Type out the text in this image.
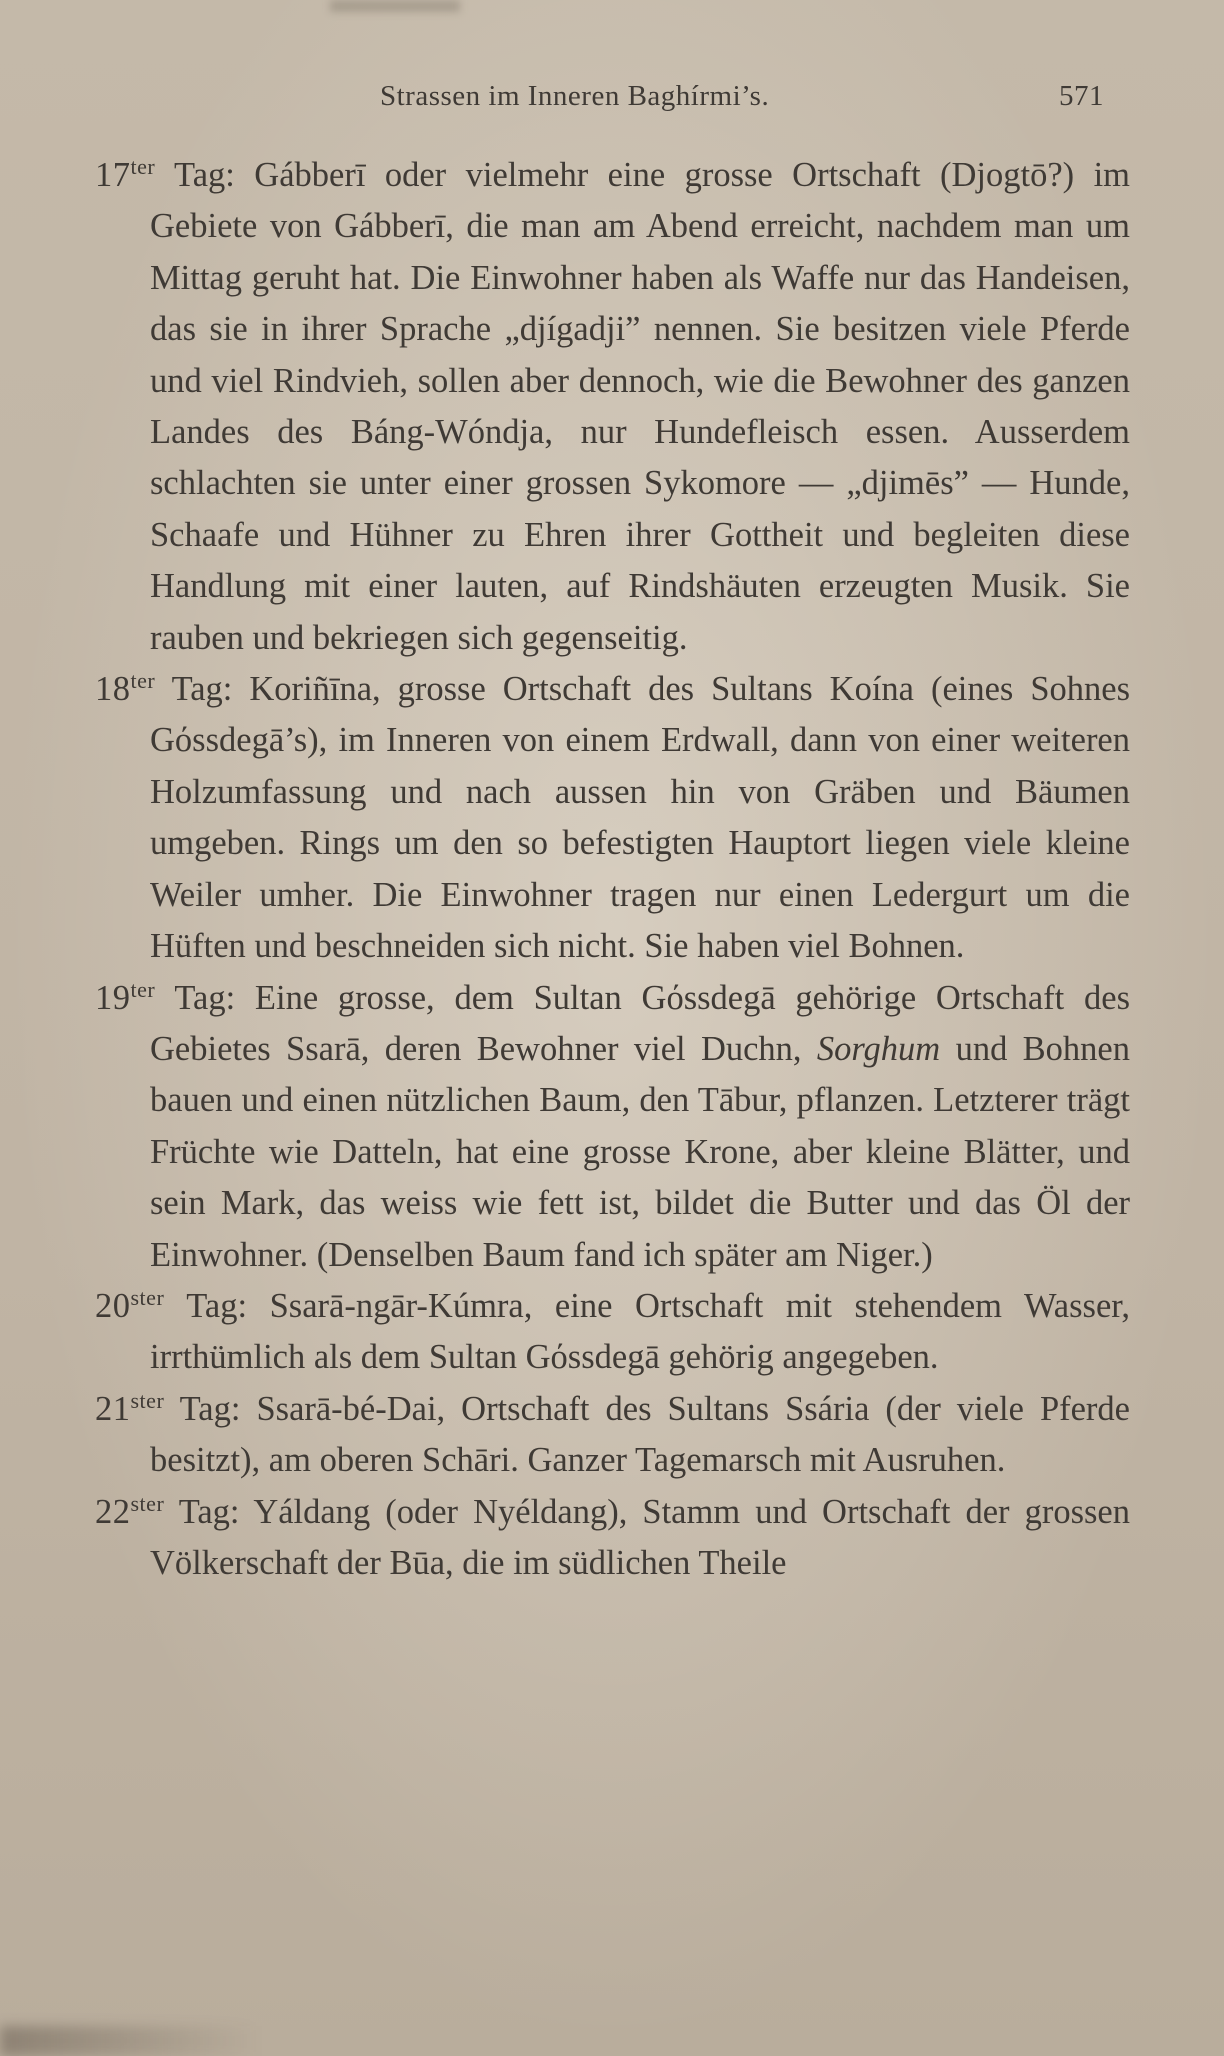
Strassen im Inneren Baghírmi’s.	571

$17^{ter}$ Tag: Gábberī oder vielmehr eine grosse Ortschaft (Djogtō?) im Gebiete von Gábberī, die man am Abend erreicht, nachdem man um Mittag geruht hat. Die Einwohner haben als Waffe nur das Handeisen, das sie in ihrer Sprache „djígadji” nennen. Sie besitzen viele Pferde und viel Rindvieh, sollen aber dennoch, wie die Bewohner des ganzen Landes des Báng-Wóndja, nur Hundefleisch essen. Ausserdem schlachten sie unter einer grossen Sykomore — „djimēs” — Hunde, Schaafe und Hühner zu Ehren ihrer Gottheit und begleiten diese Handlung mit einer lauten, auf Rindshäuten erzeugten Musik. Sie rauben und bekriegen sich gegenseitig.

$18^{ter}$ Tag: Koriñīna, grosse Ortschaft des Sultans Koína (eines Sohnes Gόssdegā’s), im Inneren von einem Erdwall, dann von einer weiteren Holzumfassung und nach aussen hin von Gräben und Bäumen umgeben. Rings um den so befestigten Hauptort liegen viele kleine Weiler umher. Die Einwohner tragen nur einen Ledergurt um die Hüften und beschneiden sich nicht. Sie haben viel Bohnen.

$19^{ter}$ Tag: Eine grosse, dem Sultan Gόssdegā gehörige Ortschaft des Gebietes Ssarā, deren Bewohner viel Duchn, Sorghum und Bohnen bauen und einen nützlichen Baum, den Tābur, pflanzen. Letzterer trägt Früchte wie Datteln, hat eine grosse Krone, aber kleine Blätter, und sein Mark, das weiss wie fett ist, bildet die Butter und das Öl der Einwohner. (Denselben Baum fand ich später am Niger.)

$20^{ster}$ Tag: Ssarā-ngār-Kúmra, eine Ortschaft mit stehendem Wasser, irrthümlich als dem Sultan Gόssdegā gehörig angegeben.

$21^{ster}$ Tag: Ssarā-bé-Dai, Ortschaft des Sultans Ssária (der viele Pferde besitzt), am oberen Schāri. Ganzer Tagemarsch mit Ausruhen.

$22^{ster}$ Tag: Yáldang (oder Nyéldang), Stamm und Ortschaft der grossen Völkerschaft der Būa, die im südlichen Theile
